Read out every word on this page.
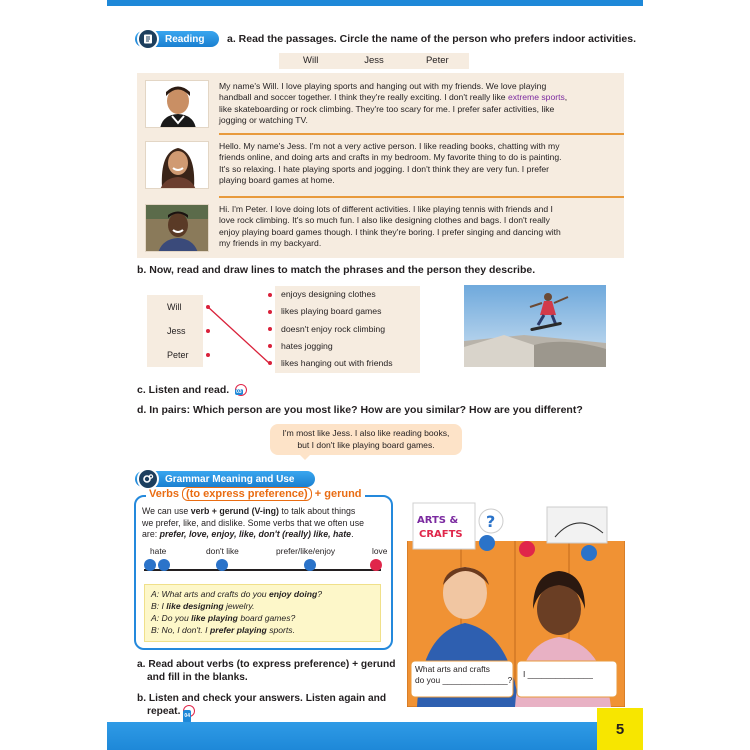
Reading a. Read the passages. Circle the name of the person who prefers indoor activities.
Will	Jess	Peter
My name's Will. I love playing sports and hanging out with my friends. We love playing
handball and soccer together. I think they're really exciting. I don't really like extreme sports,
like skateboarding or rock climbing. They're too scary for me. I prefer safer activities, like
jogging or watching TV.
Hello. My name's Jess. I'm not a very active person. I like reading books, chatting with my
friends online, and doing arts and crafts in my bedroom. My favorite thing to do is painting.
It's so relaxing. I hate playing sports and jogging. I don't think they are very fun. I prefer
playing board games at home.
Hi. I'm Peter. I love doing lots of different activities. I like playing tennis with friends and I
love rock climbing. It's so much fun. I also like designing clothes and bags. I don't really
enjoy playing board games though. I think they're boring. I prefer singing and dancing with
my friends in my backyard.
b. Now, read and draw lines to match the phrases and the person they describe.
Will
Jess
Peter
enjoys designing clothes
likes playing board games
doesn't enjoy rock climbing
hates jogging
likes hanging out with friends
c. Listen and read. 03
d. In pairs: Which person are you most like? How are you similar? How are you different?
I'm most like Jess. I also like reading books,
but I don't like playing board games.
Grammar Meaning and Use
Verbs (to express preference) + gerund
We can use verb + gerund (V-ing) to talk about things
we prefer, like, and dislike. Some verbs that we often use
are: prefer, love, enjoy, like, don't (really) like, hate.
hate	don't like	prefer/like/enjoy	love
A: What arts and crafts do you enjoy doing?
B: I like designing jewelry.
A: Do you like playing board games?
B: No, I don't. I prefer playing sports.
ARTS &
CRAFTS
?
What arts and crafts
do you ______________?
I ______________
a. Read about verbs (to express preference) + gerund
and fill in the blanks.
b. Listen and check your answers. Listen again and
repeat.04
5
